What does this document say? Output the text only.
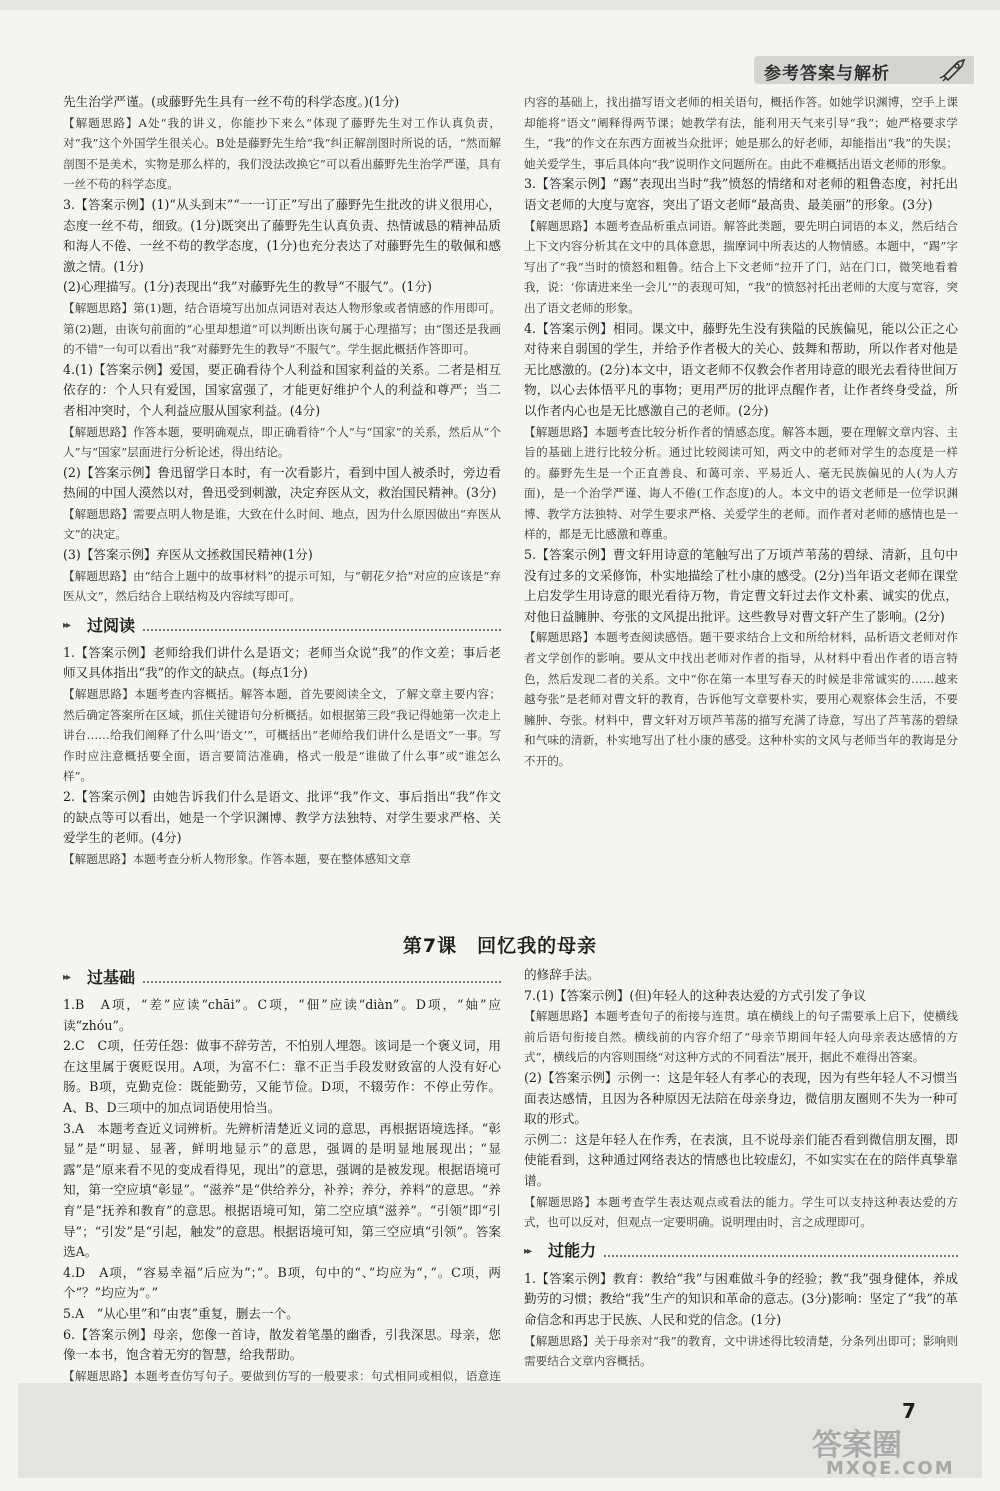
参考答案与解析

先生治学严谨。(或藤野先生具有一丝不苟的科学态度。)(1分)

【解题思路】A处“我的讲义，你能抄下来么”体现了藤野先生对工作认真负责，对“我”这个外国学生很关心。B处是藤野先生给“我”纠正解剖图时所说的话，“然而解剖图不是美术，实物是那么样的，我们没法改换它”可以看出藤野先生治学严谨，具有一丝不苟的科学态度。

3.【答案示例】(1)“从头到末”“一一订正”写出了藤野先生批改的讲义很用心，态度一丝不苟，细致。(1分)既突出了藤野先生认真负责、热情诚恳的精神品质和海人不倦、一丝不苟的教学态度，(1分)也充分表达了对藤野先生的敬佩和感激之情。(1分)

(2)心理描写。(1分)表现出“我”对藤野先生的教导“不服气”。(1分)

【解题思路】第(1)题，结合语境写出加点词语对表达人物形象或者情感的作用即可。第(2)题，由诙句前面的“心里却想道”可以判断出诙句属于心理描写；由“图还是我画的不错”一句可以看出“我”对藤野先生的教导“不服气”。学生据此概括作答即可。

4.(1)【答案示例】爱国，要正确看待个人利益和国家利益的关系。二者是相互依存的：个人只有爱国，国家富强了，才能更好维护个人的利益和尊严；当二者相冲突时，个人利益应服从国家利益。(4分)

【解题思路】作答本题，要明确观点，即正确看待“个人”与“国家”的关系，然后从“个人”与“国家”层面进行分析论述，得出结论。

(2)【答案示例】鲁迅留学日本时，有一次看影片，看到中国人被杀时，旁边看热闹的中国人漠然以对，鲁迅受到刺激，决定弃医从文，救治国民精神。(3分)

【解题思路】需要点明人物是谁，大致在什么时间、地点，因为什么原因做出“弃医从文”的决定。

(3)【答案示例】弃医从文拯救国民精神(1分)

【解题思路】由“结合上题中的故事材料”的提示可知，与“朝花夕拾”对应的应该是“弃医从文”，然后结合上联结构及内容续写即可。

▸▸	过阅读

1.【答案示例】老师给我们讲什么是语文；老师当众说“我”的作文差；事后老师又具体指出“我”的作文的缺点。(每点1分)

【解题思路】本题考查内容概括。解答本题，首先要阅读全文，了解文章主要内容；然后确定答案所在区域，抓住关键语句分析概括。如根据第三段“我记得她第一次走上讲台……给我们阐释了什么叫‘语文’”，可概括出“老师给我们讲什么是语文”一事。写作时应注意概括要全面，语言要简洁准确，格式一般是“谁做了什么事”或“谁怎么样”。

2.【答案示例】由她告诉我们什么是语文、批评“我”作文、事后指出“我”作文的缺点等可以看出，她是一个学识渊博、教学方法独特、对学生要求严格、关爱学生的老师。(4分)

【解题思路】本题考查分析人物形象。作答本题，要在整体感知文章

内容的基础上，找出描写语文老师的相关语句，概括作答。如她学识渊博，空手上课却能将“语文”阐释得两节课；她教学有法，能利用天气来引导“我”；她严格要求学生，“我”的作文在东西方面被当众批评；她是那么的好老师，却能指出“我”的失误；她关爱学生，事后具体向“我”说明作文问题所在。由此不难概括出语文老师的形象。

3.【答案示例】“踢”表现出当时“我”愤怒的情绪和对老师的粗鲁态度，衬托出语文老师的大度与宽容，突出了语文老师“最高贵、最美丽”的形象。(3分)

【解题思路】本题考查品析重点词语。解答此类题，要先明白词语的本义，然后结合上下文内容分析其在文中的具体意思，揣摩词中所表达的人物情感。本题中，“踢”字写出了“我”当时的愤怒和粗鲁。结合上下文老师“拉开了门，站在门口，微笑地看着我，说：‘你请进来坐一会儿’”的表现可知，“我”的愤怒衬托出老师的大度与宽容，突出了语文老师的形象。

4.【答案示例】相同。课文中，藤野先生没有狭隘的民族偏见，能以公正之心对待来自弱国的学生，并给予作者极大的关心、鼓舞和帮助，所以作者对他是无比感激的。(2分)本文中，语文老师不仅教会作者用诗意的眼光去看待世间万物，以心去体悟平凡的事物；更用严厉的批评点醒作者，让作者终身受益，所以作者内心也是无比感激自己的老师。(2分)

【解题思路】本题考查比较分析作者的情感态度。解答本题，要在理解文章内容、主旨的基础上进行比较分析。通过比较阅读可知，两文中的老师对学生的态度是一样的。藤野先生是一个正直善良、和蔼可亲、平易近人、毫无民族偏见的人(为人方面)，是一个治学严谨、诲人不倦(工作态度)的人。本文中的语文老师是一位学识渊博、教学方法独特、对学生要求严格、关爱学生的老师。而作者对老师的感情也是一样的，都是无比感激和尊重。

5.【答案示例】曹文轩用诗意的笔触写出了万顷芦苇荡的碧绿、清新，且句中没有过多的文采修饰，朴实地描绘了杜小康的感受。(2分)当年语文老师在课堂上启发学生用诗意的眼光看待万物，肯定曹文轩过去作文朴素、诚实的优点，对他日益臃肿、夸张的文风提出批评。这些教导对曹文轩产生了影响。(2分)

【解题思路】本题考查阅读感悟。题干要求结合上文和所给材料，品析语文老师对作者文学创作的影响。要从文中找出老师对作者的指导，从材料中看出作者的语言特色，然后发现二者的关系。文中“你在第一本里写春天的时候是非常诚实的……越来越夸张”是老师对曹文轩的教育，告诉他写文章要朴实，要用心观察体会生活，不要臃肿、夸张。材料中，曹文轩对万顷芦苇荡的描写充满了诗意，写出了芦苇荡的碧绿和气味的清新，朴实地写出了杜小康的感受。这种朴实的文风与老师当年的教诲是分不开的。

第7课　回忆我的母亲
▸▸	过基础

1.B　A项，“差”应读“chāi”。C项，“佃”应读“diàn”。D项，“妯”应读“zhóu”。

2.C　C项，任劳任怨：做事不辞劳苦，不怕别人埋怨。该词是一个褒义词，用在这里属于褒贬误用。A项，为富不仁：靠不正当手段发财致富的人没有好心肠。B项，克勤克俭：既能勤劳，又能节俭。D项，不辍劳作：不停止劳作。A、B、D三项中的加点词语使用恰当。

3.A　本题考查近义词辨析。先辨析清楚近义词的意思，再根据语境选择。“彰显”是“明显、显著，鲜明地显示”的意思，强调的是明显地展现出；“显露”是“原来看不见的变成看得见，现出”的意思，强调的是被发现。根据语境可知，第一空应填“彰显”。“滋养”是“供给养分，补养；养分，养料”的意思。“养育”是“抚养和教育”的意思。根据语境可知，第二空应填“滋养”。“引领”即“引导”；“引发”是“引起，触发”的意思。根据语境可知，第三空应填“引领”。答案选A。

4.D　A项，“容易幸福”后应为“；”。B项，句中的“、”均应为“，”。C项，两个“？”均应为“。”

5.A　“从心里”和“由衷”重复，删去一个。

6.【答案示例】母亲，您像一首诗，散发着笔墨的幽香，引我深思。母亲，您像一本书，饱含着无穷的智慧，给我帮助。

【解题思路】本题考查仿写句子。要做到仿写的一般要求：句式相同或相似，语意连

的修辞手法。

7.(1)【答案示例】(但)年轻人的这种表达爱的方式引发了争议

【解题思路】本题考查句子的衔接与连贯。填在横线上的句子需要承上启下，使横线前后语句衔接自然。横线前的内容介绍了“母亲节期间年轻人向母亲表达感情的方式”，横线后的内容则围绕“对这种方式的不同看法”展开，据此不难得出答案。

(2)【答案示例】示例一：这是年轻人有孝心的表现，因为有些年轻人不习惯当面表达感情，且因为各种原因无法陪在母亲身边，微信朋友圈则不失为一种可取的形式。

示例二：这是年轻人在作秀，在表演，且不说母亲们能否看到微信朋友圈，即使能看到，这种通过网络表达的情感也比较虚幻，不如实实在在的陪伴真挚靠谱。

【解题思路】本题考查学生表达观点或看法的能力。学生可以支持这种表达爱的方式，也可以反对，但观点一定要明确。说明理由时，言之成理即可。

▸▸	过能力

1.【答案示例】教育：教给“我”与困难做斗争的经验；教“我”强身健体，养成勤劳的习惯；教给“我”生产的知识和革命的意志。(3分)影响：坚定了“我”的革命信念和再忠于民族、人民和党的信念。(1分)

【解题思路】关于母亲对“我”的教育，文中讲述得比较清楚，分条列出即可；影响则需要结合文章内容概括。

7
答案圈
MXQE.COM
